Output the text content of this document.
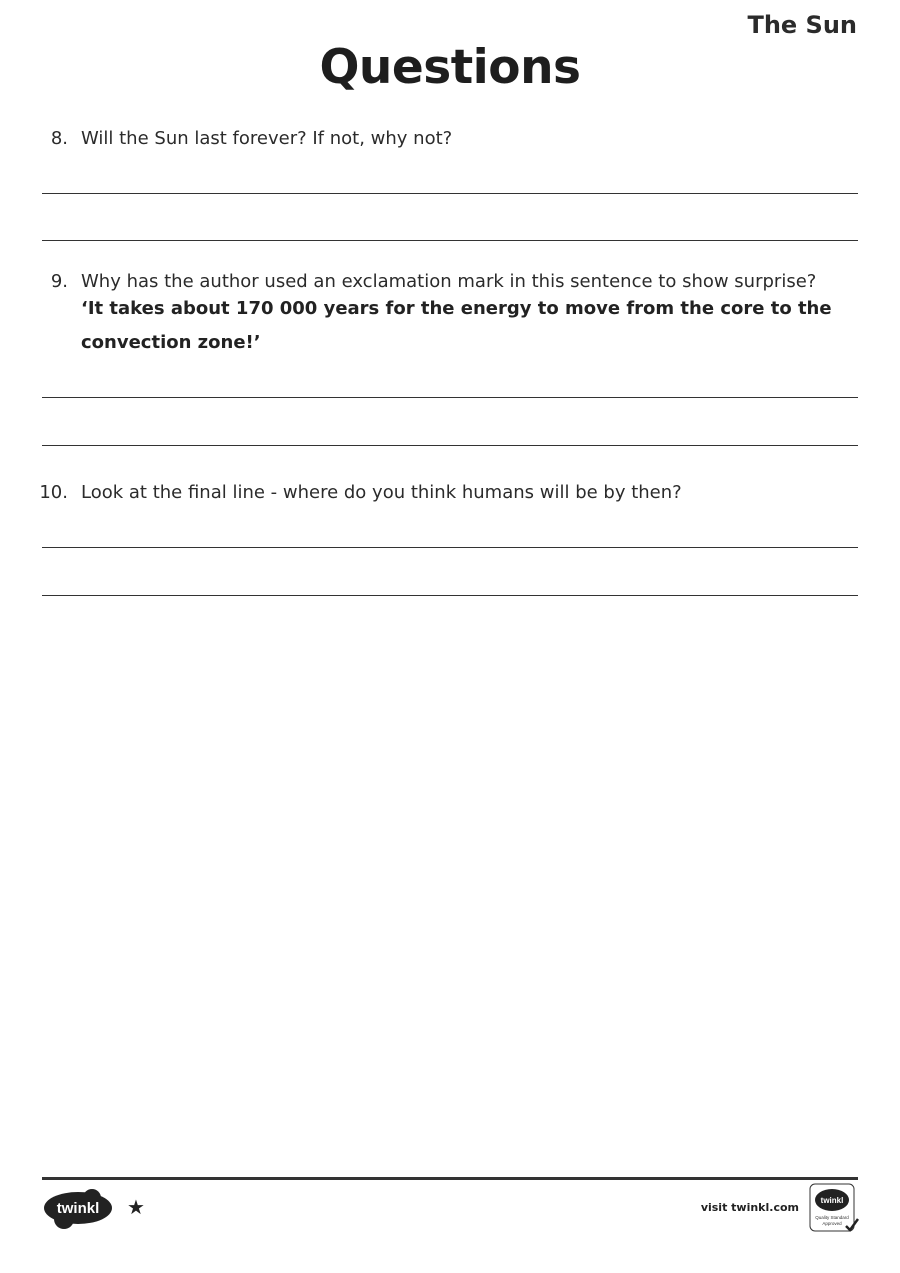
The Sun
Questions
8. Will the Sun last forever? If not, why not?
9. Why has the author used an exclamation mark in this sentence to show surprise?
‘It takes about 170 000 years for the energy to move from the core to the
convection zone!’
10. Look at the final line - where do you think humans will be by then?
twinkl ★	visit twinkl.com
twinkl
Quality Standard
Approved
